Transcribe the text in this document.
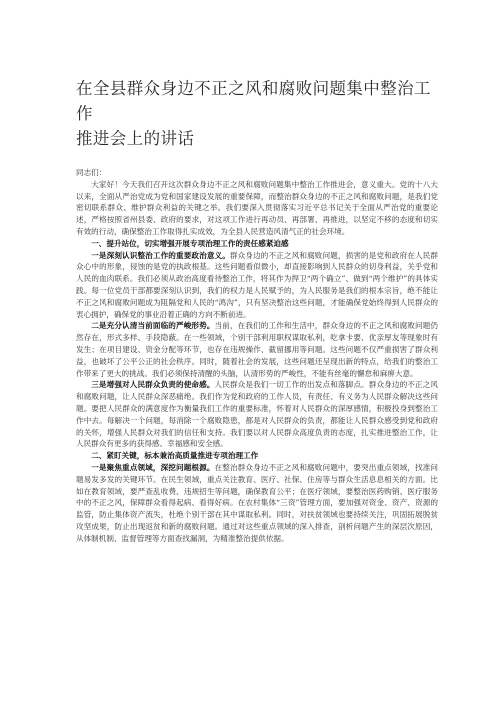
在全县群众身边不正之风和腐败问题集中整治工作
推进会上的讲话

同志们：

大家好！今天我们召开这次群众身边不正之风和腐败问题集中整治工作推进会，意义重大。党的十八大以来，全面从严治党成为党和国家建设发展的重要保障，而整治群众身边的不正之风和腐败问题，是我们党密切联系群众、维护群众利益的关键之举。我们要深入贯彻落实习近平总书记关于全面从严治党的重要论述，严格按照省州县委、政府的要求，对这项工作进行再动员、再部署、再推进，以坚定不移的态度和切实有效的行动，确保整治工作取得扎实成效，为全县人民营造风清气正的社会环境。

一、提升站位，切实增强开展专项治理工作的责任感紧迫感

一是深刻认识整治工作的重要政治意义。群众身边的不正之风和腐败问题，损害的是党和政府在人民群众心中的形象，侵蚀的是党的执政根基。这些问题看似微小，却直接影响到人民群众的切身利益，关乎党和人民的血肉联系。我们必须从政治高度看待整治工作，将其作为捍卫“两个确立”、做到“两个维护”的具体实践。每一位党员干部都要深刻认识到，我们的权力是人民赋予的，为人民服务是我们的根本宗旨，绝不能让不正之风和腐败问题成为阻隔党和人民的“鸿沟”，只有坚决整治这些问题，才能确保党始终得到人民群众的衷心拥护，确保党的事业沿着正确的方向不断前进。

二是充分认清当前面临的严峻形势。当前，在我们的工作和生活中，群众身边的不正之风和腐败问题仍然存在，形式多样、手段隐蔽。在一些领域，个别干部利用职权谋取私利，吃拿卡要、优亲厚友等现象时有发生；在项目建设、资金分配等环节，也存在违规操作、截留挪用等问题。这些问题不仅严重损害了群众利益，也破坏了公平公正的社会秩序。同时，随着社会的发展，这些问题还呈现出新的特点，给我们的整治工作带来了更大的挑战。我们必须保持清醒的头脑，认清形势的严峻性，不能有丝毫的懈怠和麻痹大意。

三是增强对人民群众负责的使命感。人民群众是我们一切工作的出发点和落脚点。群众身边的不正之风和腐败问题，让人民群众深恶痛绝。我们作为党和政府的工作人员，有责任、有义务为人民群众解决这些问题。要把人民群众的满意度作为衡量我们工作的重要标准，怀着对人民群众的深厚感情，积极投身到整治工作中去。每解决一个问题，每消除一个腐败隐患，都是对人民群众的负责，都能让人民群众感受到党和政府的关怀，增强人民群众对我们的信任和支持。我们要以对人民群众高度负责的态度，扎实推进整治工作，让人民群众有更多的获得感、幸福感和安全感。

二、紧盯关键，标本兼治高质量推进专项治理工作

一是聚焦重点领域，深挖问题根源。在整治群众身边不正之风和腐败问题中，要突出重点领域，找准问题易发多发的关键环节。在民生领域，重点关注教育、医疗、社保、住房等与群众生活息息相关的方面。比如在教育领域，要严查乱收费、违规招生等问题，确保教育公平；在医疗领域，要整治医药购销、医疗服务中的不正之风，保障群众看得起病、看得好病。在农村集体“三资”管理方面，要加强对资金、资产、资源的监管，防止集体资产流失，杜绝个别干部在其中谋取私利。同时，对扶贫领域也要持续关注，巩固拓展脱贫攻坚成果，防止出现返贫和新的腐败问题。通过对这些重点领域的深入排查，剖析问题产生的深层次原因，从体制机制、监督管理等方面查找漏洞，为精准整治提供依据。
